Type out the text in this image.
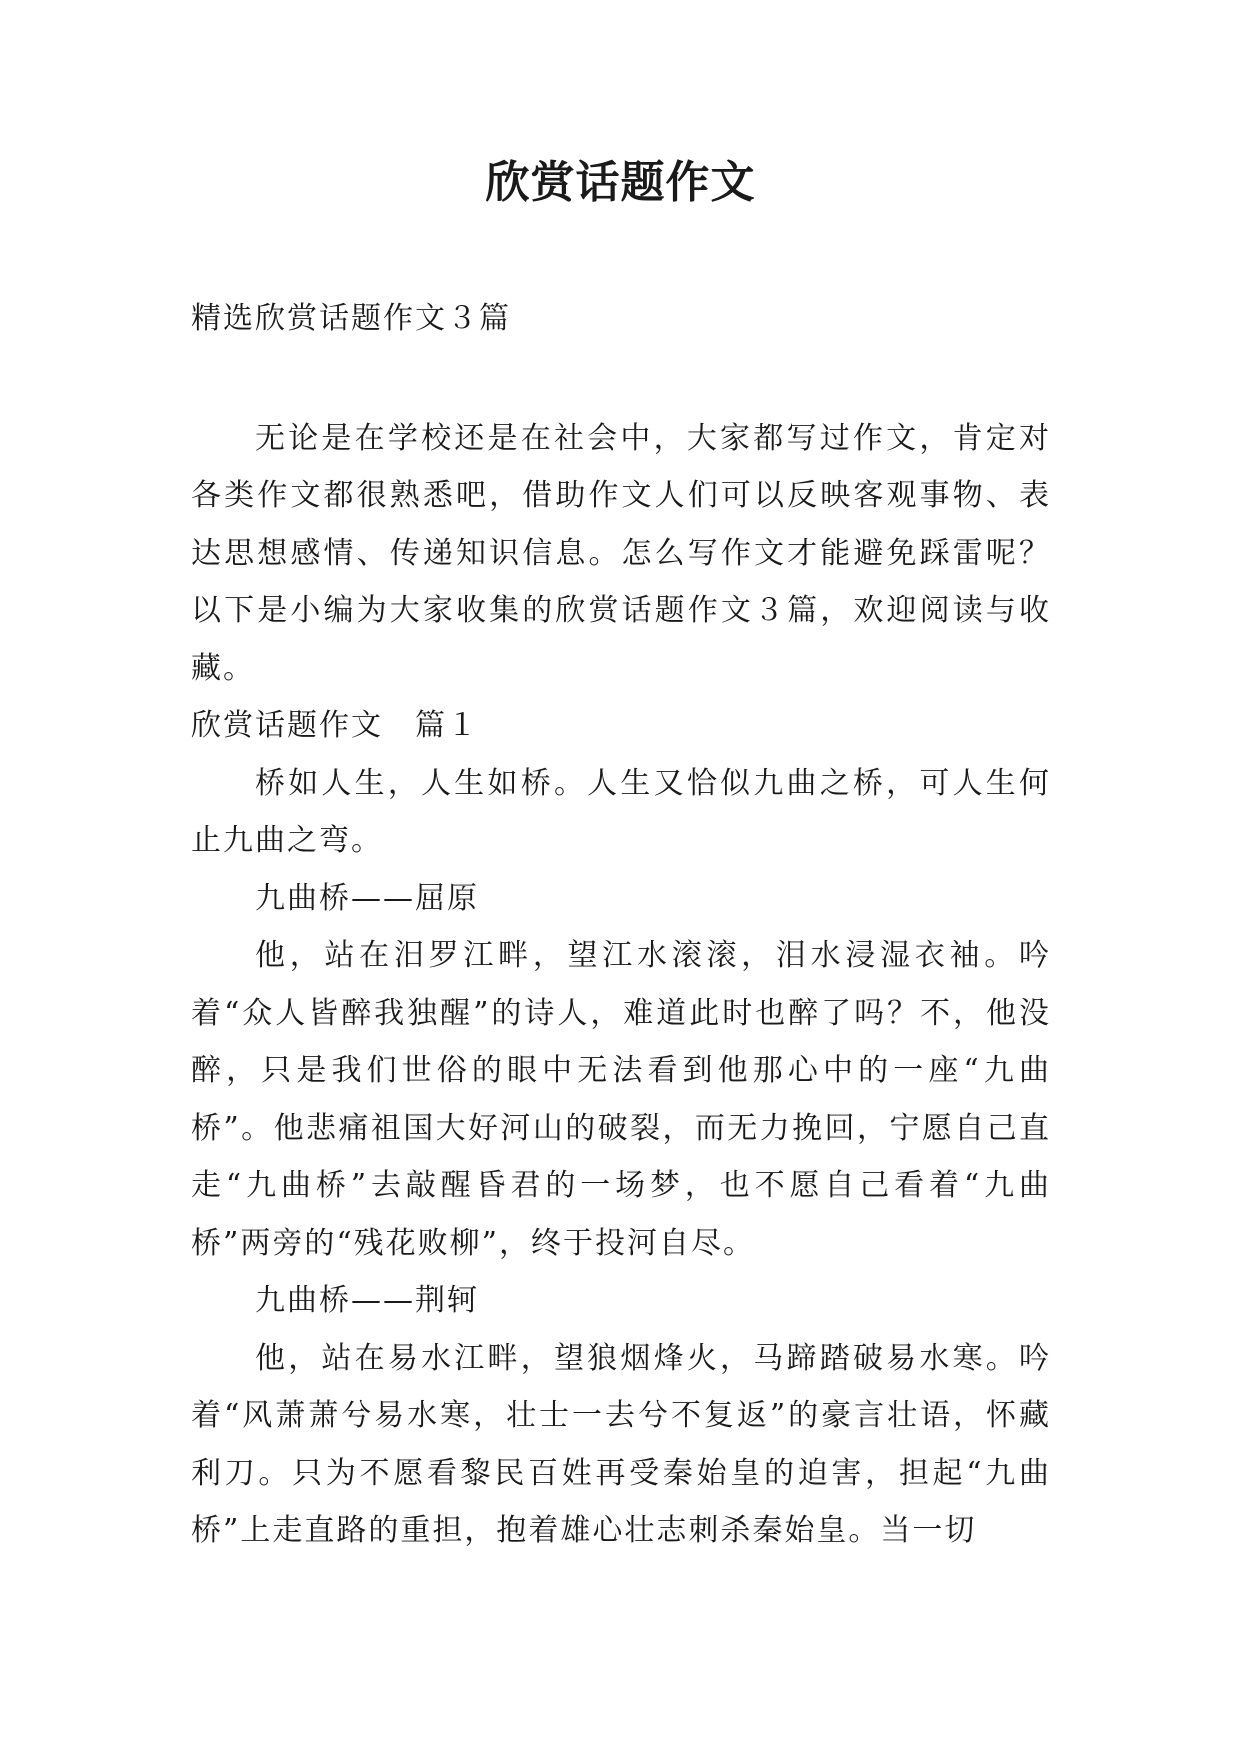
欣赏话题作文

精选欣赏话题作文３篇

无论是在学校还是在社会中，大家都写过作文，肯定对各类作文都很熟悉吧，借助作文人们可以反映客观事物、表达思想感情、传递知识信息。怎么写作文才能避免踩雷呢？以下是小编为大家收集的欣赏话题作文３篇，欢迎阅读与收藏。

欣赏话题作文　篇１

桥如人生，人生如桥。人生又恰似九曲之桥，可人生何止九曲之弯。

九曲桥——屈原

他，站在汨罗江畔，望江水滚滚，泪水浸湿衣袖。吟着“众人皆醉我独醒”的诗人，难道此时也醉了吗？不，他没醉，只是我们世俗的眼中无法看到他那心中的一座“九曲桥”。他悲痛祖国大好河山的破裂，而无力挽回，宁愿自己直走“九曲桥”去敲醒昏君的一场梦，也不愿自己看着“九曲桥”两旁的“残花败柳”，终于投河自尽。

九曲桥——荆轲

他，站在易水江畔，望狼烟烽火，马蹄踏破易水寒。吟着“风萧萧兮易水寒，壮士一去兮不复返”的豪言壮语，怀藏利刀。只为不愿看黎民百姓再受秦始皇的迫害，担起“九曲桥”上走直路的重担，抱着雄心壮志刺杀秦始皇。当一切
